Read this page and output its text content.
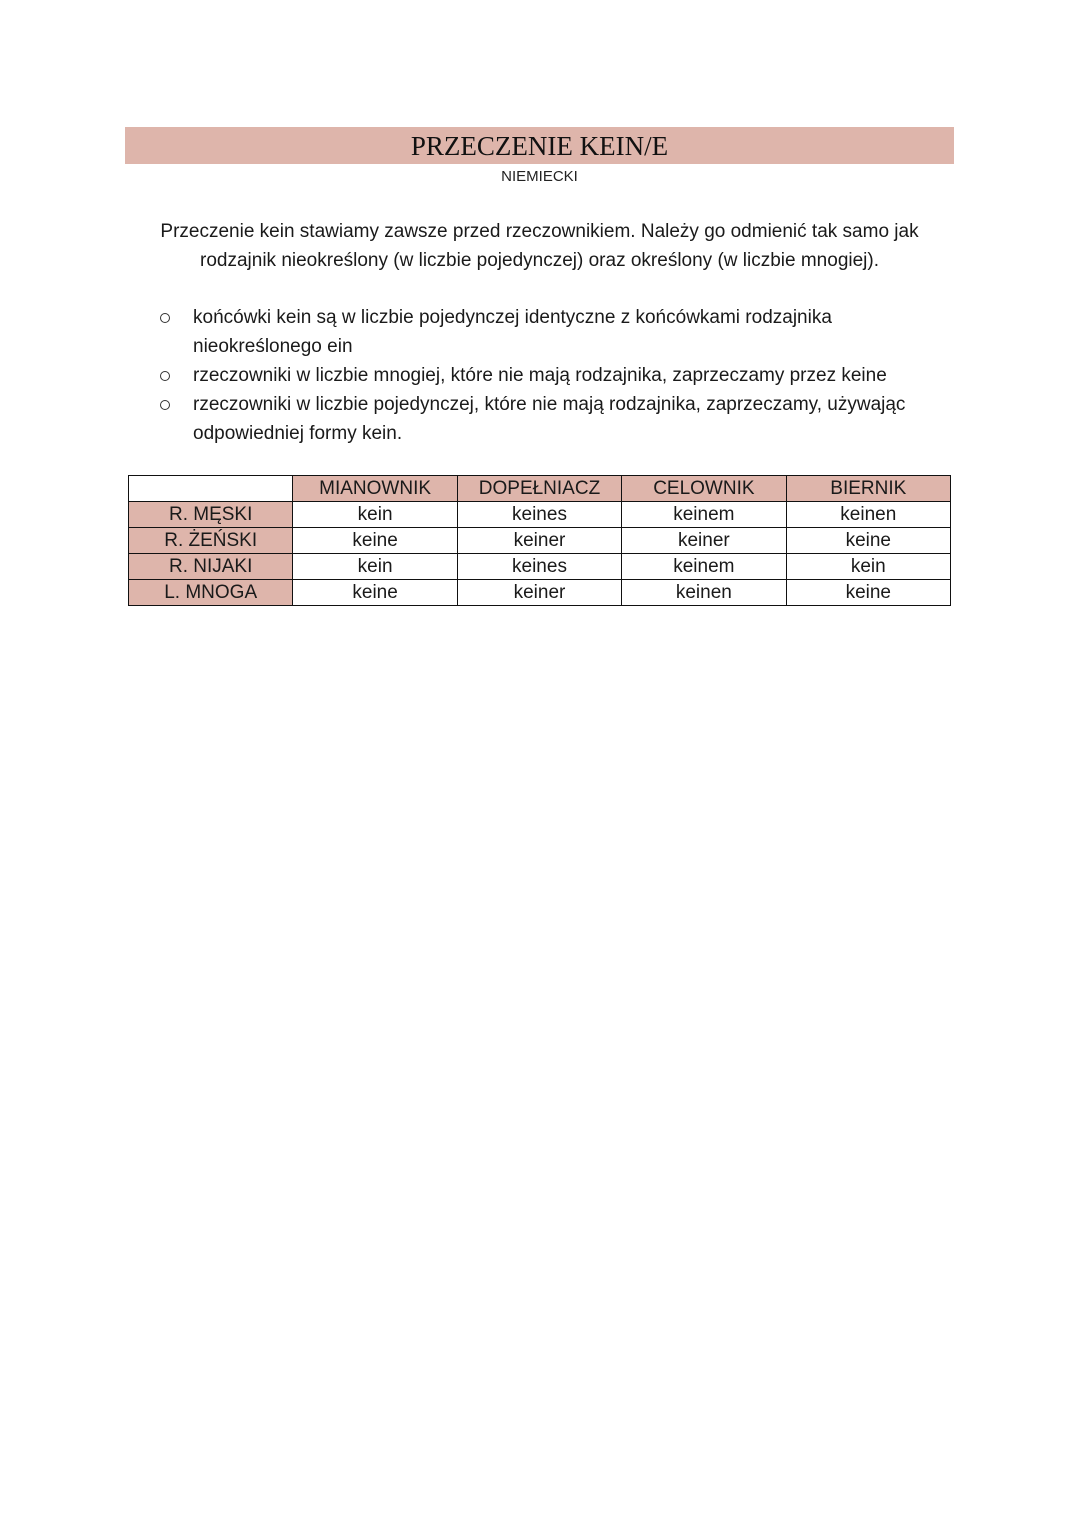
PRZECZENIE KEIN/E
NIEMIECKI
Przeczenie kein stawiamy zawsze przed rzeczownikiem. Należy go odmienić tak samo jak
rodzajnik nieokreślony (w liczbie pojedynczej) oraz określony (w liczbie mnogiej).
końcówki kein są w liczbie pojedynczej identyczne z końcówkami rodzajnika nieokreślonego ein
rzeczowniki w liczbie mnogiej, które nie mają rodzajnika, zaprzeczamy przez keine
rzeczowniki w liczbie pojedynczej, które nie mają rodzajnika, zaprzeczamy, używając odpowiedniej formy kein.
	MIANOWNIK	DOPEŁNIACZ	CELOWNIK	BIERNIK
R. MĘSKI	kein	keines	keinem	keinen
R. ŻEŃSKI	keine	keiner	keiner	keine
R. NIJAKI	kein	keines	keinem	kein
L. MNOGA	keine	keiner	keinen	keine
